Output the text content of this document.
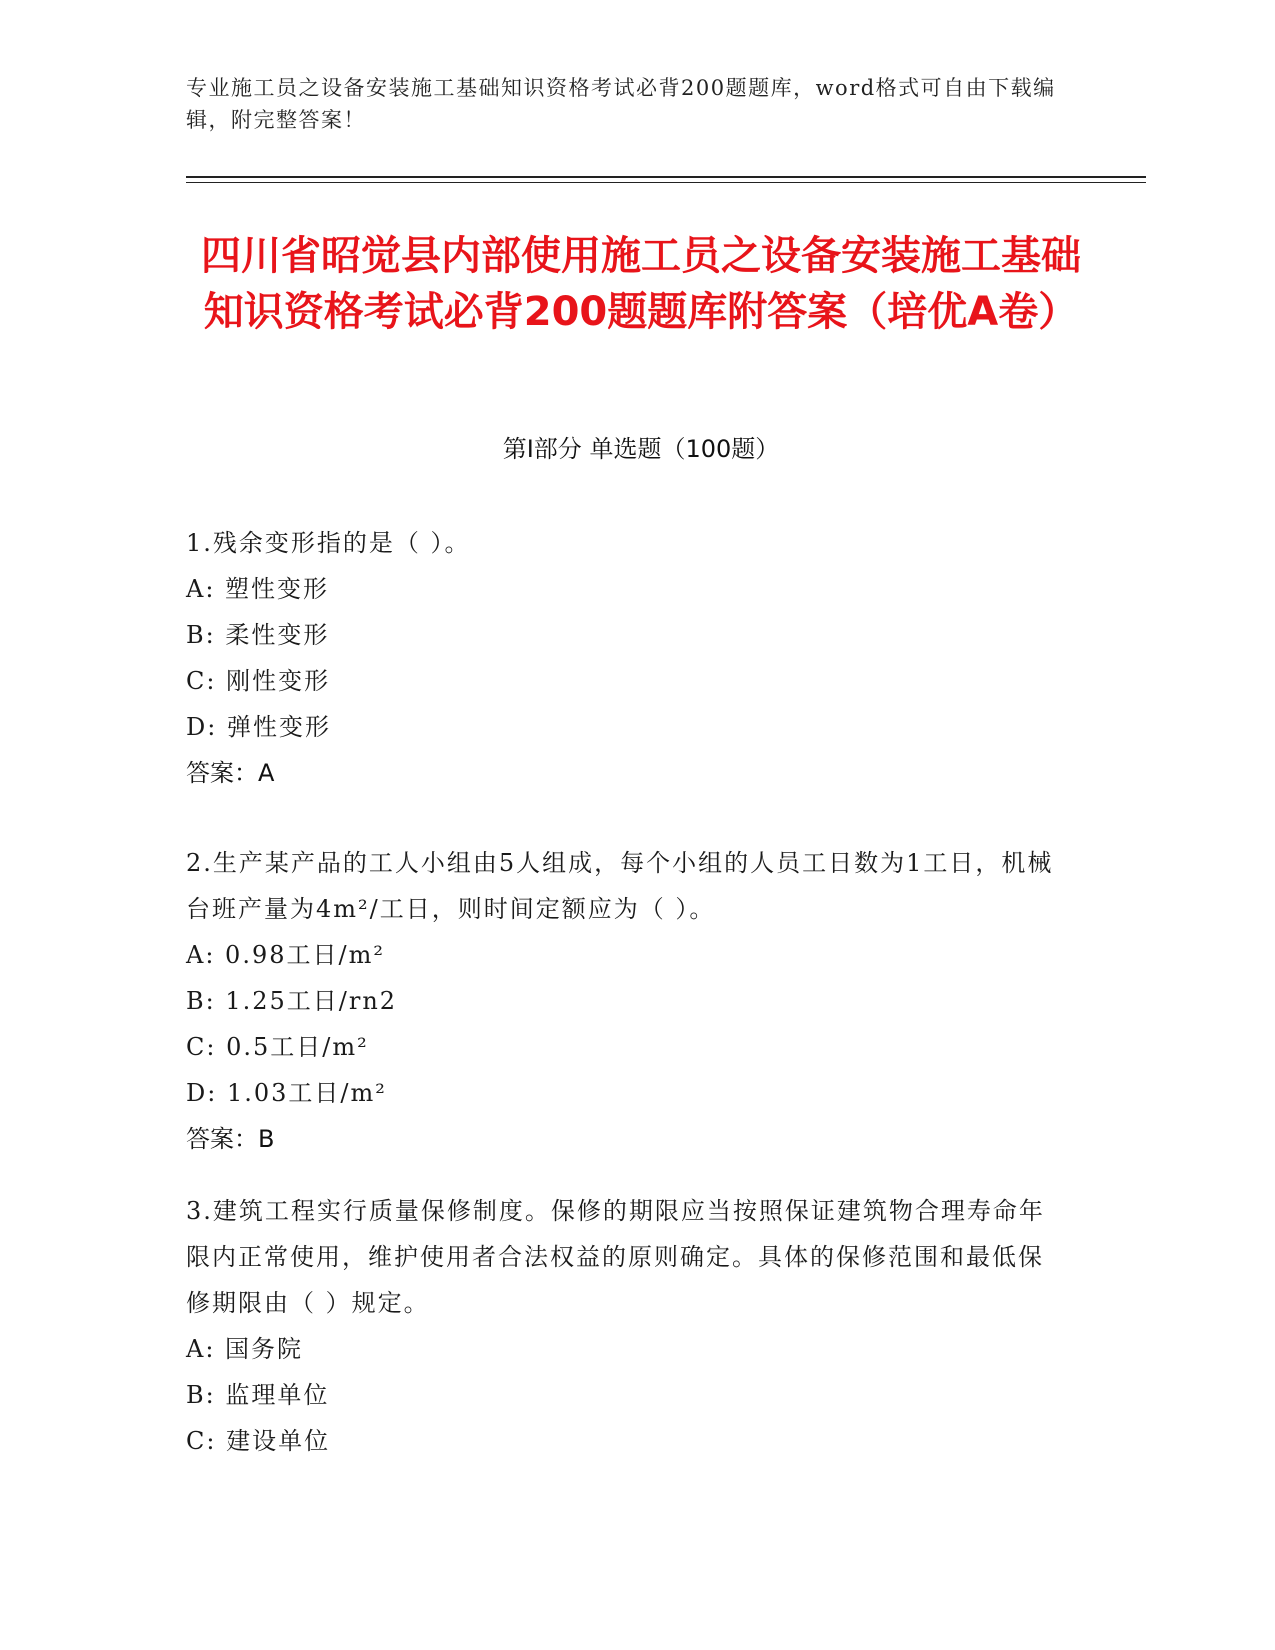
专业施工员之设备安装施工基础知识资格考试必背200题题库，word格式可自由下载编辑，附完整答案！
四川省昭觉县内部使用施工员之设备安装施工基础知识资格考试必背200题题库附答案（培优A卷）
第I部分 单选题（100题）

1.残余变形指的是（ ）。

A: 塑性变形

B: 柔性变形

C: 刚性变形

D: 弹性变形

答案：A

2.生产某产品的工人小组由5人组成，每个小组的人员工日数为1工日，机械台班产量为4m²/工日，则时间定额应为（ ）。

A: 0.98工日/m²

B: 1.25工日/rn2

C: 0.5工日/m²

D: 1.03工日/m²

答案：B

3.建筑工程实行质量保修制度。保修的期限应当按照保证建筑物合理寿命年限内正常使用，维护使用者合法权益的原则确定。具体的保修范围和最低保修期限由（ ）规定。

A: 国务院

B: 监理单位

C: 建设单位
